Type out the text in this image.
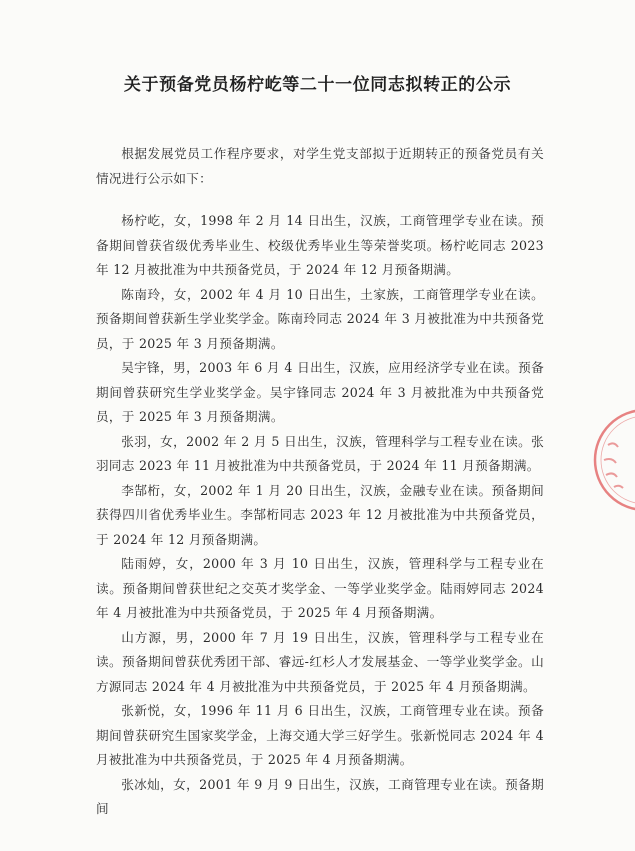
关于预备党员杨柠屹等二十一位同志拟转正的公示

根据发展党员工作程序要求，对学生党支部拟于近期转正的预备党员有关情况进行公示如下：

杨柠屹，女，1998 年 2 月 14 日出生，汉族，工商管理学专业在读。预备期间曾获省级优秀毕业生、校级优秀毕业生等荣誉奖项。杨柠屹同志 2023 年 12 月被批准为中共预备党员，于 2024 年 12 月预备期满。

陈南玲，女，2002 年 4 月 10 日出生，土家族，工商管理学专业在读。预备期间曾获新生学业奖学金。陈南玲同志 2024 年 3 月被批准为中共预备党员，于 2025 年 3 月预备期满。

吴宇锋，男，2003 年 6 月 4 日出生，汉族，应用经济学专业在读。预备期间曾获研究生学业奖学金。吴宇锋同志 2024 年 3 月被批准为中共预备党员，于 2025 年 3 月预备期满。

张羽，女，2002 年 2 月 5 日出生，汉族，管理科学与工程专业在读。张羽同志 2023 年 11 月被批准为中共预备党员，于 2024 年 11 月预备期满。

李郜桁，女，2002 年 1 月 20 日出生，汉族，金融专业在读。预备期间获得四川省优秀毕业生。李郜桁同志 2023 年 12 月被批准为中共预备党员，于 2024 年 12 月预备期满。

陆雨婷，女，2000 年 3 月 10 日出生，汉族，管理科学与工程专业在读。预备期间曾获世纪之交英才奖学金、一等学业奖学金。陆雨婷同志 2024 年 4 月被批准为中共预备党员，于 2025 年 4 月预备期满。

山方源，男，2000 年 7 月 19 日出生，汉族，管理科学与工程专业在读。预备期间曾获优秀团干部、睿远-红杉人才发展基金、一等学业奖学金。山方源同志 2024 年 4 月被批准为中共预备党员，于 2025 年 4 月预备期满。

张新悦，女，1996 年 11 月 6 日出生，汉族，工商管理专业在读。预备期间曾获研究生国家奖学金，上海交通大学三好学生。张新悦同志 2024 年 4 月被批准为中共预备党员，于 2025 年 4 月预备期满。

张冰灿，女，2001 年 9 月 9 日出生，汉族，工商管理专业在读。预备期间
